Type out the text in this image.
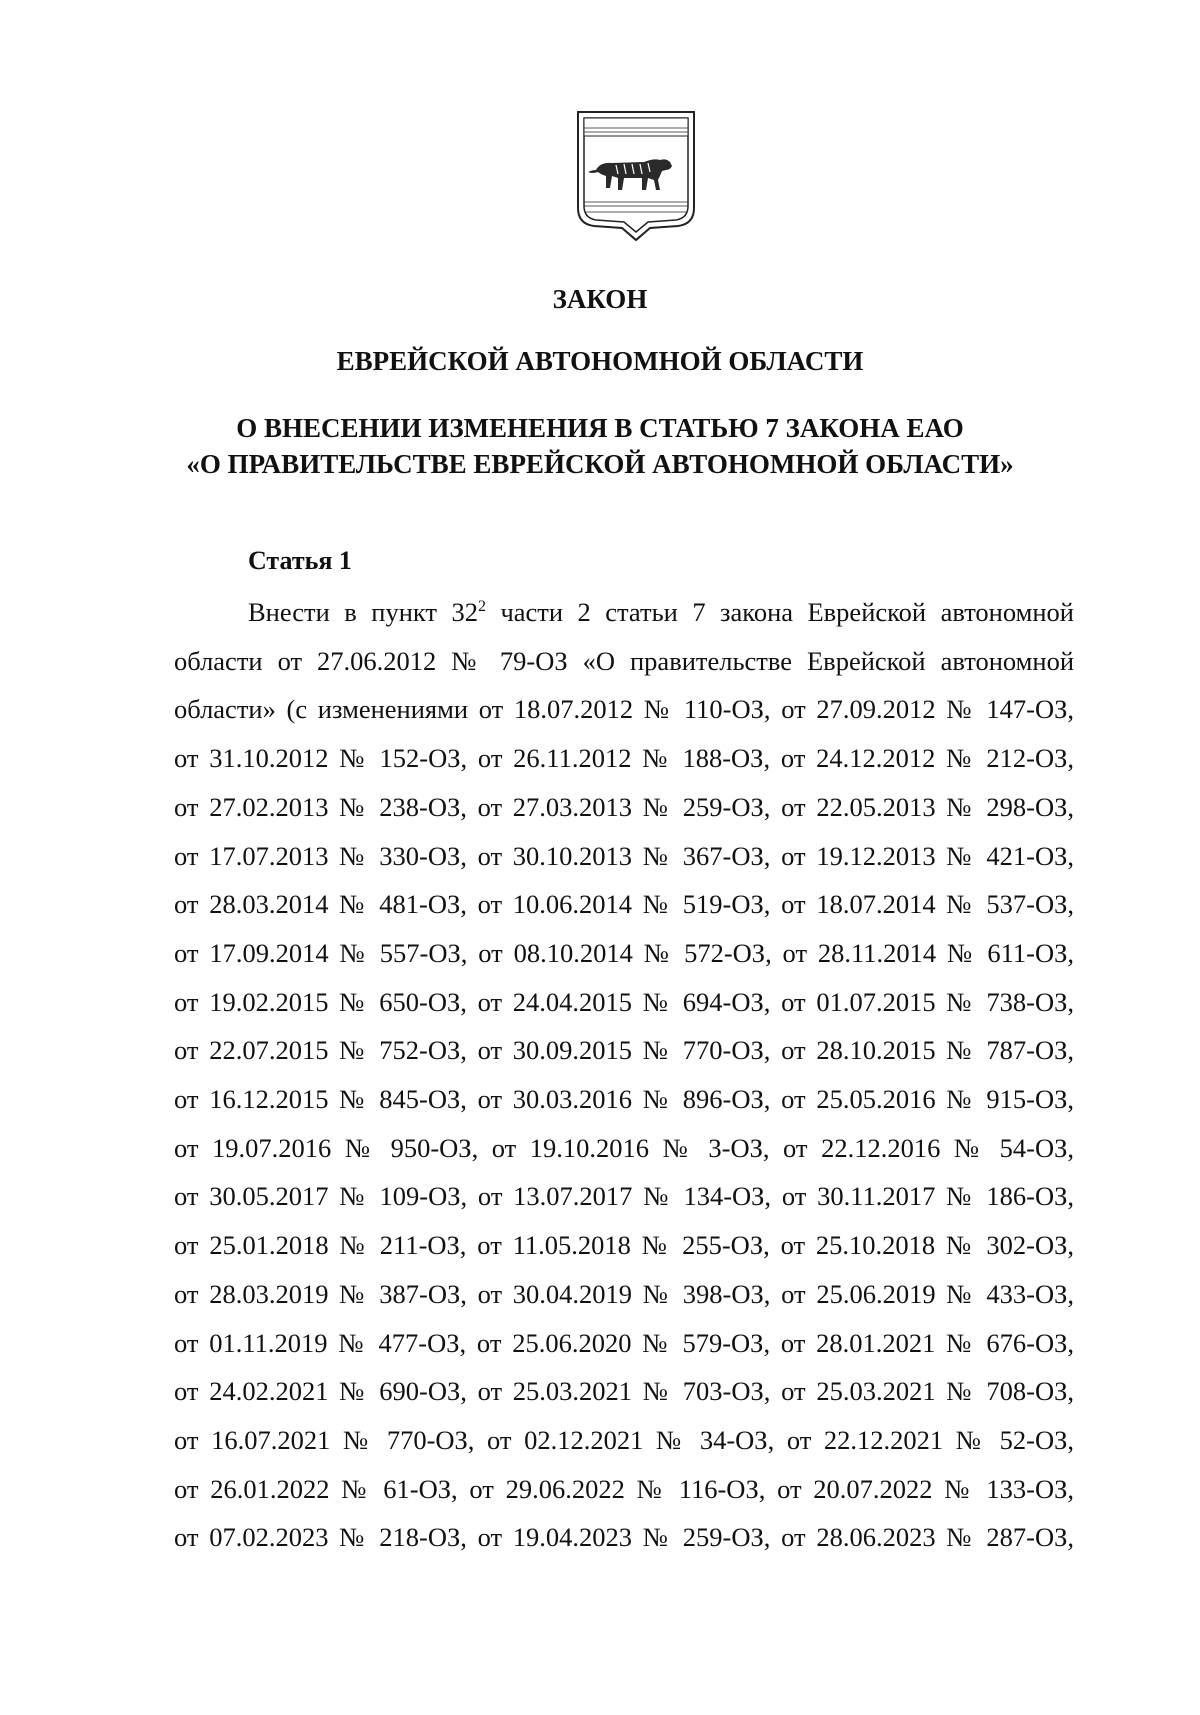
ЗАКОН
ЕВРЕЙСКОЙ АВТОНОМНОЙ ОБЛАСТИ
О ВНЕСЕНИИ ИЗМЕНЕНИЯ В СТАТЬЮ 7 ЗАКОНА ЕАО
«О ПРАВИТЕЛЬСТВЕ ЕВРЕЙСКОЙ АВТОНОМНОЙ ОБЛАСТИ»
Статья 1
Внести в пункт $32^2$ части 2 статьи 7 закона Еврейской автономной
области от 27.06.2012 № 79-ОЗ «О правительстве Еврейской автономной
области» (с изменениями от 18.07.2012 № 110-ОЗ, от 27.09.2012 № 147-ОЗ,
от 31.10.2012 № 152-ОЗ, от 26.11.2012 № 188-ОЗ, от 24.12.2012 № 212-ОЗ,
от 27.02.2013 № 238-ОЗ, от 27.03.2013 № 259-ОЗ, от 22.05.2013 № 298-ОЗ,
от 17.07.2013 № 330-ОЗ, от 30.10.2013 № 367-ОЗ, от 19.12.2013 № 421-ОЗ,
от 28.03.2014 № 481-ОЗ, от 10.06.2014 № 519-ОЗ, от 18.07.2014 № 537-ОЗ,
от 17.09.2014 № 557-ОЗ, от 08.10.2014 № 572-ОЗ, от 28.11.2014 № 611-ОЗ,
от 19.02.2015 № 650-ОЗ, от 24.04.2015 № 694-ОЗ, от 01.07.2015 № 738-ОЗ,
от 22.07.2015 № 752-ОЗ, от 30.09.2015 № 770-ОЗ, от 28.10.2015 № 787-ОЗ,
от 16.12.2015 № 845-ОЗ, от 30.03.2016 № 896-ОЗ, от 25.05.2016 № 915-ОЗ,
от 19.07.2016 № 950-ОЗ, от 19.10.2016 № 3-ОЗ, от 22.12.2016 № 54-ОЗ,
от 30.05.2017 № 109-ОЗ, от 13.07.2017 № 134-ОЗ, от 30.11.2017 № 186-ОЗ,
от 25.01.2018 № 211-ОЗ, от 11.05.2018 № 255-ОЗ, от 25.10.2018 № 302-ОЗ,
от 28.03.2019 № 387-ОЗ, от 30.04.2019 № 398-ОЗ, от 25.06.2019 № 433-ОЗ,
от 01.11.2019 № 477-ОЗ, от 25.06.2020 № 579-ОЗ, от 28.01.2021 № 676-ОЗ,
от 24.02.2021 № 690-ОЗ, от 25.03.2021 № 703-ОЗ, от 25.03.2021 № 708-ОЗ,
от 16.07.2021 № 770-ОЗ, от 02.12.2021 № 34-ОЗ, от 22.12.2021 № 52-ОЗ,
от 26.01.2022 № 61-ОЗ, от 29.06.2022 № 116-ОЗ, от 20.07.2022 № 133-ОЗ,
от 07.02.2023 № 218-ОЗ, от 19.04.2023 № 259-ОЗ, от 28.06.2023 № 287-ОЗ,
